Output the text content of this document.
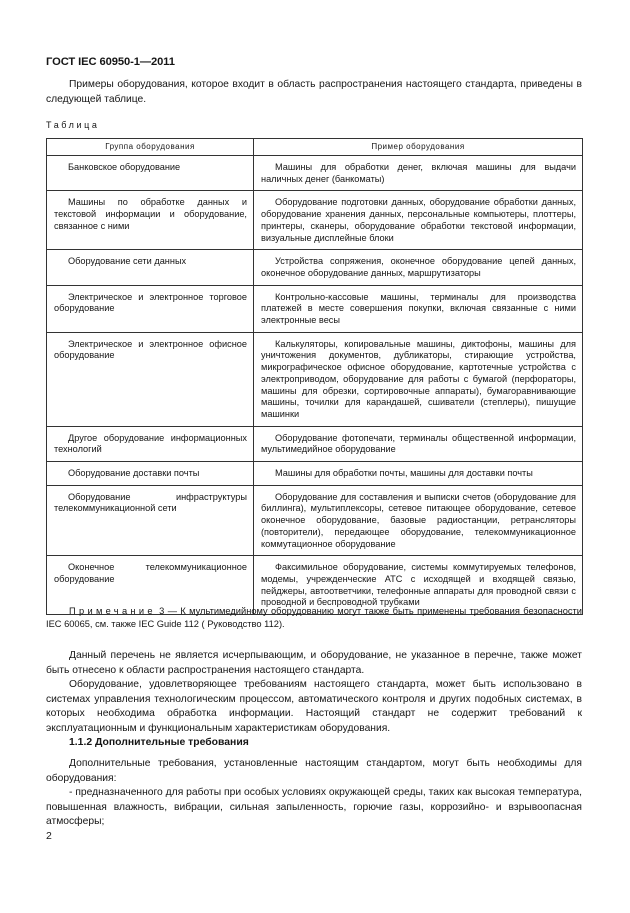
ГОСТ IEC 60950-1—2011

Примеры оборудования, которое входит в область распространения настоящего стандарта, приведены в следующей таблице.

Таблица
Группа оборудования	Пример оборудования
Банковское оборудование	Машины для обработки денег, включая машины для выдачи наличных денег (банкоматы)
Машины по обработке данных и текстовой информации и оборудование, связанное с ними	Оборудование подготовки данных, оборудование обработки данных, оборудование хранения данных, персональные компьютеры, плоттеры, принтеры, сканеры, оборудование обработки текстовой информации, визуальные дисплейные блоки
Оборудование сети данных	Устройства сопряжения, оконечное оборудование цепей данных, оконечное оборудование данных, маршрутизаторы
Электрическое и электронное торговое оборудование	Контрольно-кассовые машины, терминалы для производства платежей в месте совершения покупки, включая связанные с ними электронные весы
Электрическое и электронное офисное оборудование	Калькуляторы, копировальные машины, диктофоны, машины для уничтожения документов, дубликаторы, стирающие устройства, микрографическое офисное оборудование, картотечные устройства с электроприводом, оборудование для работы с бумагой (перфораторы, машины для обрезки, сортировочные аппараты), бумагоравнивающие машины, точилки для карандашей, сшиватели (степлеры), пишущие машинки
Другое оборудование информационных технологий	Оборудование фотопечати, терминалы общественной информации, мультимедийное оборудование
Оборудование доставки почты	Машины для обработки почты, машины для доставки почты
Оборудование инфраструктуры телекоммуникационной сети	Оборудование для составления и выписки счетов (оборудование для биллинга), мультиплексоры, сетевое питающее оборудование, сетевое оконечное оборудование, базовые радиостанции, ретрансляторы (повторители), передающее оборудование, телекоммуникационное коммутационное оборудование
Оконечное телекоммуникационное оборудование	Факсимильное оборудование, системы коммутируемых телефонов, модемы, учрежденческие АТС с исходящей и входящей связью, пейджеры, автоответчики, телефонные аппараты для проводной связи с проводной и беспроводной трубками

Примечание 3 — К мультимедийному оборудованию могут также быть применены требования безопасности IEC 60065, см. также IEC Guide 112 ( Руководство 112).

Данный перечень не является исчерпывающим, и оборудование, не указанное в перечне, также может быть отнесено к области распространения настоящего стандарта.

Оборудование, удовлетворяющее требованиям настоящего стандарта, может быть использовано в системах управления технологическим процессом, автоматического контроля и других подобных системах, в которых необходима обработка информации. Настоящий стандарт не содержит требований к эксплуатационным и функциональным характеристикам оборудования.

1.1.2 Дополнительные требования

Дополнительные требования, установленные настоящим стандартом, могут быть необходимы для оборудования:

- предназначенного для работы при особых условиях окружающей среды, таких как высокая температура, повышенная влажность, вибрации, сильная запыленность, горючие газы, коррозийно- и взрывоопасная атмосферы;

2
